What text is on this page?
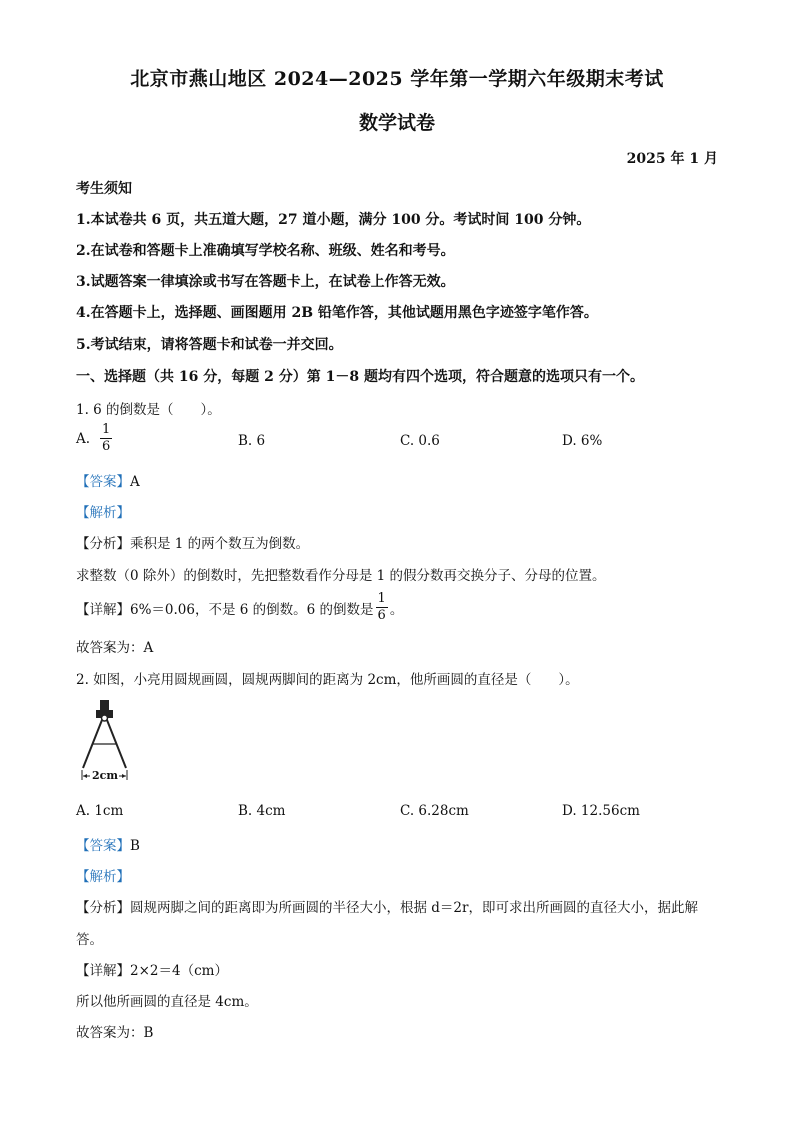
北京市燕山地区 2024—2025 学年第一学期六年级期末考试
数学试卷
2025 年 1 月
考生须知
1.本试卷共 6 页，共五道大题，27 道小题，满分 100 分。考试时间 100 分钟。
2.在试卷和答题卡上准确填写学校名称、班级、姓名和考号。
3.试题答案一律填涂或书写在答题卡上，在试卷上作答无效。
4.在答题卡上，选择题、画图题用 2B 铅笔作答，其他试题用黑色字迹签字笔作答。
5.考试结束，请将答题卡和试卷一并交回。
一、选择题（共 16 分，每题 2 分）第 1－8 题均有四个选项，符合题意的选项只有一个。
1. 6 的倒数是（　　）。
A. $\frac{1}{6}$	B. 6	C. 0.6	D. 6%
【答案】A
【解析】
【分析】乘积是 1 的两个数互为倒数。
求整数（0 除外）的倒数时，先把整数看作分母是 1 的假分数再交换分子、分母的位置。
【详解】 6%＝0.06，不是 6 的倒数。6 的倒数是 $\frac{1}{6}$ 。
故答案为：A
2. 如图，小亮用圆规画圆，圆规两脚间的距离为 2cm，他所画圆的直径是（　　）。
2cm
A. 1cm	B. 4cm	C. 6.28cm	D. 12.56cm
【答案】B
【解析】
【分析】圆规两脚之间的距离即为所画圆的半径大小，根据 d＝2r，即可求出所画圆的直径大小，据此解
答。
【详解】2×2＝4（cm）
所以他所画圆的直径是 4cm。
故答案为：B
